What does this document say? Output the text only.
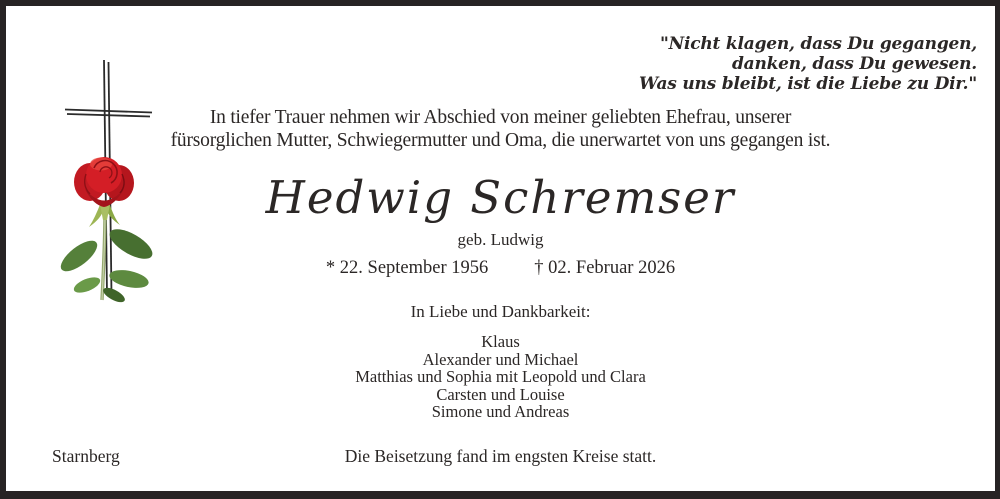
"Nicht klagen, dass Du gegangen,
danken, dass Du gewesen.
Was uns bleibt, ist die Liebe zu Dir."
In tiefer Trauer nehmen wir Abschied von meiner geliebten Ehefrau, unserer
fürsorglichen Mutter, Schwiegermutter und Oma, die unerwartet von uns gegangen ist.
Hedwig Schremser
geb. Ludwig
* 22. September 1956 † 02. Februar 2026
In Liebe und Dankbarkeit:
Klaus
Alexander und Michael
Matthias und Sophia mit Leopold und Clara
Carsten und Louise
Simone und Andreas
Starnberg	Die Beisetzung fand im engsten Kreise statt.
